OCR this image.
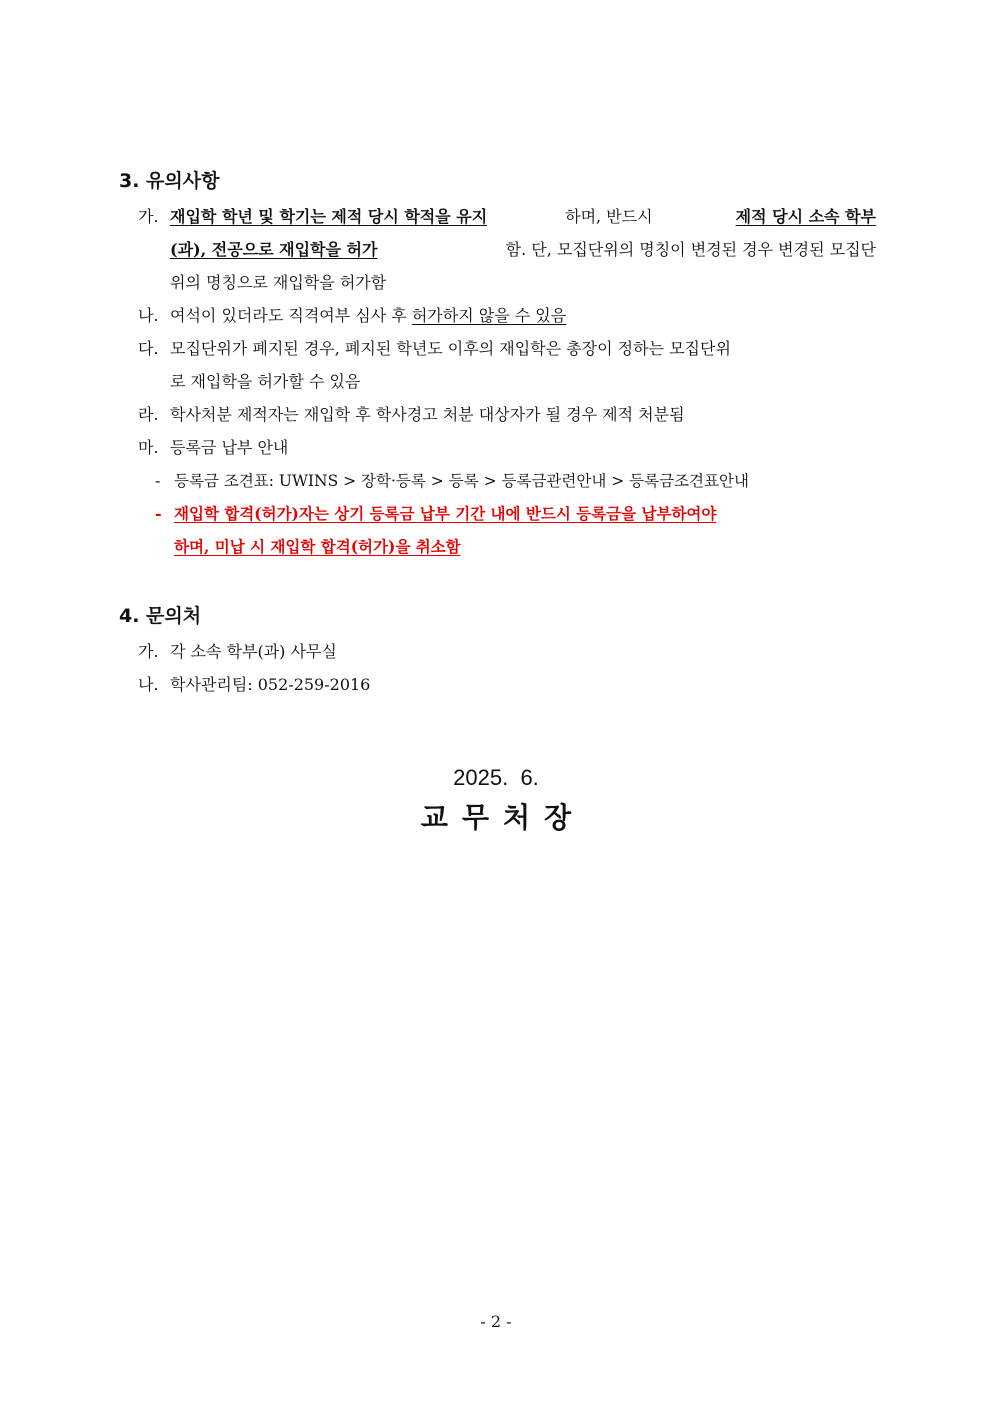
3. 유의사항
가. 재입학 학년 및 학기는 제적 당시 학적을 유지	하며, 반드시	제적 당시 소속 학부
(과), 전공으로 재입학을 허가	함. 단, 모집단위의 명칭이 변경된 경우 변경된 모집단
위의 명칭으로 재입학을 허가함
나. 여석이 있더라도 직격여부 심사 후 허가하지 않을 수 있음
다. 모집단위가 폐지된 경우, 폐지된 학년도 이후의 재입학은 총장이 정하는 모집단위
로 재입학을 허가할 수 있음
라. 학사처분 제적자는 재입학 후 학사경고 처분 대상자가 될 경우 제적 처분됨
마. 등록금 납부 안내
- 등록금 조견표: UWINS > 장학·등록 > 등록 > 등록금관련안내 > 등록금조견표안내
- 재입학 합격(허가)자는 상기 등록금 납부 기간 내에 반드시 등록금을 납부하여야
하며, 미납 시 재입학 합격(허가)을 취소함
4. 문의처
가. 각 소속 학부(과) 사무실
나. 학사관리팀: 052-259-2016
2025.  6.
교무처장
- 2 -
